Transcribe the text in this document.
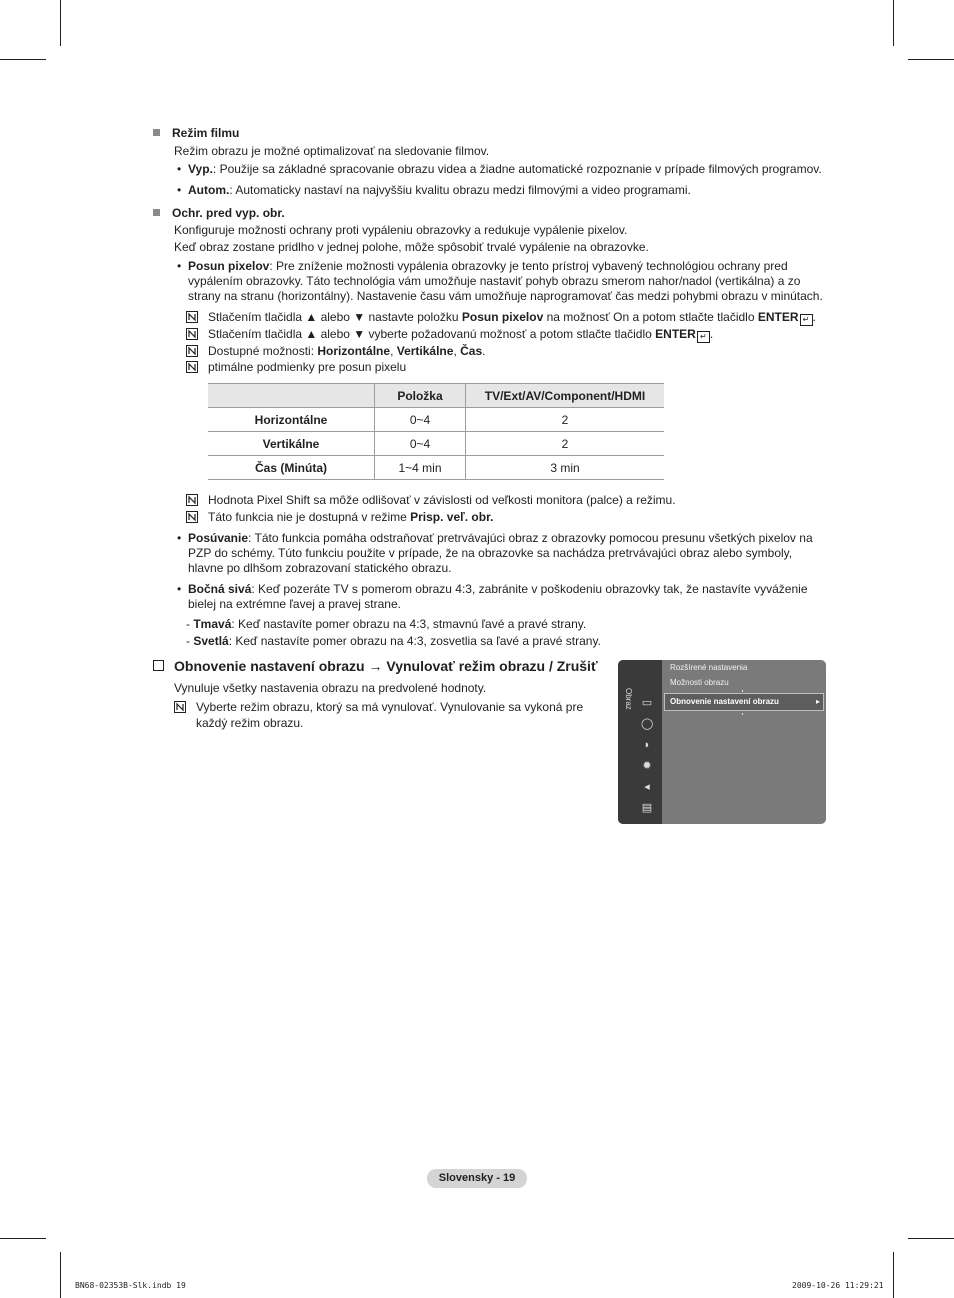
Režim filmu
Režim obrazu je možné optimalizovať na sledovanie filmov.
• Vyp.: Použije sa základné spracovanie obrazu videa a žiadne automatické rozpoznanie v prípade filmových programov.
• Autom.: Automaticky nastaví na najvyššiu kvalitu obrazu medzi filmovými a video programami.
Ochr. pred vyp. obr.
Konfiguruje možnosti ochrany proti vypáleniu obrazovky a redukuje vypálenie pixelov.
Keď obraz zostane pridlho v jednej polohe, môže spôsobiť trvalé vypálenie na obrazovke.
• Posun pixelov: Pre zníženie možnosti vypálenia obrazovky je tento prístroj vybavený technológiou ochrany pred vypálením obrazovky. Táto technológia vám umožňuje nastaviť pohyb obrazu smerom nahor/nadol (vertikálna) a zo strany na stranu (horizontálny). Nastavenie času vám umožňuje naprogramovať čas medzi pohybmi obrazu v minútach.
Stlačením tlačidla ▲ alebo ▼ nastavte položku Posun pixelov na možnosť On a potom stlačte tlačidlo ENTER ↵ .
Stlačením tlačidla ▲ alebo ▼ vyberte požadovanú možnosť a potom stlačte tlačidlo ENTER ↵ .
Dostupné možnosti: Horizontálne, Vertikálne, Čas.
ptimálne podmienky pre posun pixelu
	Položka	TV/Ext/AV/Component/HDMI
Horizontálne	0~4	2
Vertikálne	0~4	2
Čas (Minúta)	1~4 min	3 min
Hodnota Pixel Shift sa môže odlišovať v závislosti od veľkosti monitora (palce) a režimu.
Táto funkcia nie je dostupná v režime Prisp. veľ. obr.
• Posúvanie: Táto funkcia pomáha odstraňovať pretrvávajúci obraz z obrazovky pomocou presunu všetkých pixelov na PZP do schémy. Túto funkciu použite v prípade, že na obrazovke sa nachádza pretrvávajúci obraz alebo symboly, hlavne po dlhšom zobrazovaní statického obrazu.
• Bočná sivá: Keď pozeráte TV s pomerom obrazu 4:3, zabránite v poškodeniu obrazovky tak, že nastavíte vyváženie bielej na extrémne ľavej a pravej strane.
- Tmavá: Keď nastavíte pomer obrazu na 4:3, stmavnú ľavé a pravé strany.
- Svetlá: Keď nastavíte pomer obrazu na 4:3, zosvetlia sa ľavé a pravé strany.
Obnovenie nastavení obrazu → Vynulovať režim obrazu / Zrušiť
Vynuluje všetky nastavenia obrazu na predvolené hodnoty.
Vyberte režim obrazu, ktorý sa má vynulovať. Vynulovanie sa vykoná pre každý režim obrazu.
Obraz ▭
◯
◗
✹
◂
▤
Rozšírené nastavenia
Možnosti obrazu
Obnovenie nastavení obrazu	▸
Slovensky - 19
BN68-02353B-Slk.indb 19	2009-10-26 11:29:21
